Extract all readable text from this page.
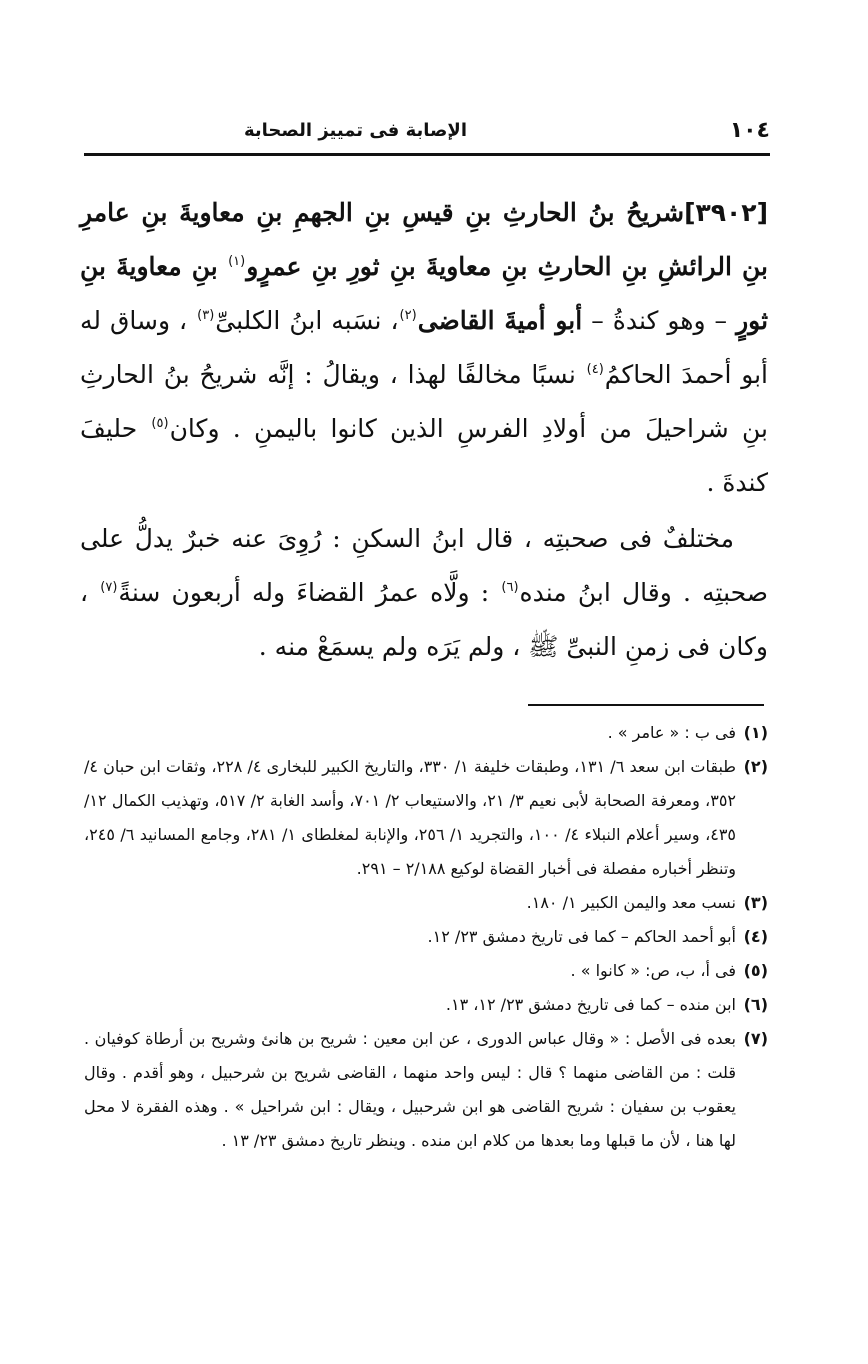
١٠٤
الإصابة فى تمييز الصحابة
[٣٩٠٢]شريحُ بنُ الحارثِ بنِ قيسِ بنِ الجهمِ بنِ معاويةَ بنِ عامرِ بنِ الرائشِ بنِ الحارثِ بنِ معاويةَ بنِ ثورِ بنِ عمرٍو$^{(١)}$ بنِ معاويةَ بنِ ثورٍ – وهو كندةُ – أبو أميةَ القاضى$^{(٢)}$، نسَبه ابنُ الكلبىِّ$^{(٣)}$ ، وساق له أبو أحمدَ الحاكمُ$^{(٤)}$ نسبًا مخالفًا لهذا ، ويقالُ : إنَّه شريحُ بنُ الحارثِ بنِ شراحيلَ من أولادِ الفرسِ الذين كانوا باليمنِ . وكان$^{(٥)}$ حليفَ كندةَ .
مختلفٌ فى صحبتِه ، قال ابنُ السكنِ : رُوِىَ عنه خبرٌ يدلُّ على صحبتِه . وقال ابنُ منده$^{(٦)}$ : ولَّاه عمرُ القضاءَ وله أربعون سنةً$^{(٧)}$ ، وكان فى زمنِ النبىِّ ﷺ ، ولم يَرَه ولم يسمَعْ منه .
(١)
فى ب : « عامر » .
(٢)
طبقات ابن سعد ٦/ ١٣١، وطبقات خليفة ١/ ٣٣٠، والتاريخ الكبير للبخارى ٤/ ٢٢٨، وثقات ابن حبان ٤/ ٣٥٢، ومعرفة الصحابة لأبى نعيم ٣/ ٢١، والاستيعاب ٢/ ٧٠١، وأسد الغابة ٢/ ٥١٧، وتهذيب الكمال ١٢/ ٤٣٥، وسير أعلام النبلاء ٤/ ١٠٠، والتجريد ١/ ٢٥٦، والإنابة لمغلطاى ١/ ٢٨١، وجامع المسانيد ٦/ ٢٤٥، وتنظر أخباره مفصلة فى أخبار القضاة لوكيع ٢/١٨٨ – ٢٩١.
(٣)
نسب معد واليمن الكبير ١/ ١٨٠.
(٤)
أبو أحمد الحاكم – كما فى تاريخ دمشق ٢٣/ ١٢.
(٥)
فى أ، ب، ص: « كانوا » .
(٦)
ابن منده – كما فى تاريخ دمشق ٢٣/ ١٢، ١٣.
(٧)
بعده فى الأصل : « وقال عباس الدورى ، عن ابن معين : شريح بن هانئ وشريح بن أرطاة كوفيان . قلت : من القاضى منهما ؟ قال : ليس واحد منهما ، القاضى شريح بن شرحبيل ، وهو أقدم . وقال يعقوب بن سفيان : شريح القاضى هو ابن شرحبيل ، ويقال : ابن شراحيل » . وهذه الفقرة لا محل لها هنا ، لأن ما قبلها وما بعدها من كلام ابن منده . وينظر تاريخ دمشق ٢٣/ ١٣ .
